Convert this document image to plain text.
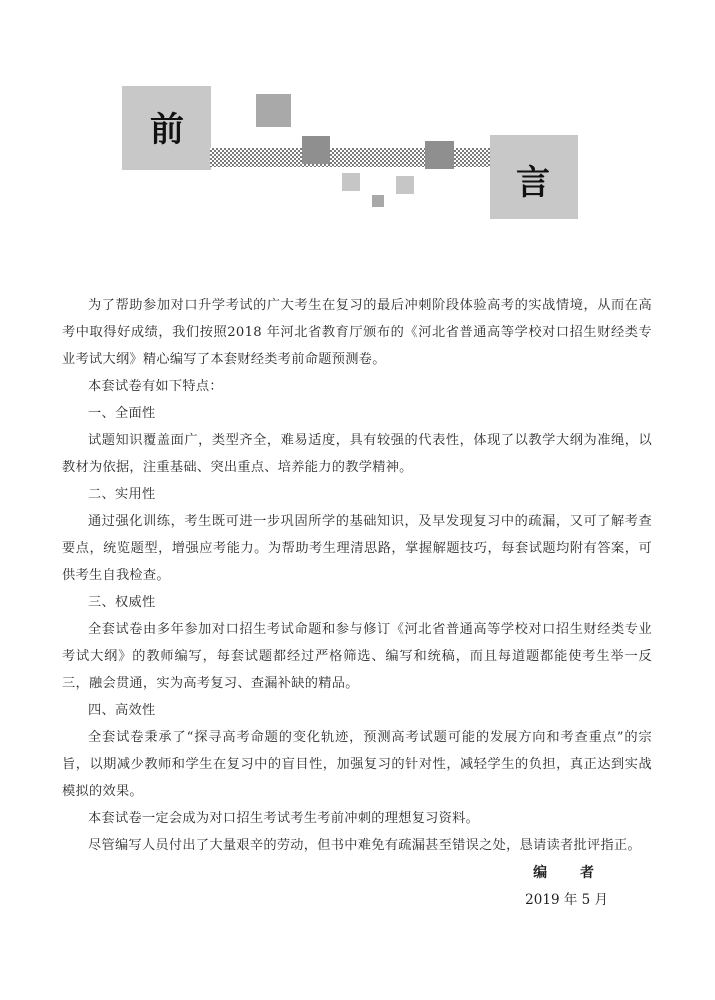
前
言

为了帮助参加对口升学考试的广大考生在复习的最后冲刺阶段体验高考的实战情境，从而在高考中取得好成绩，我们按照2018 年河北省教育厅颁布的《河北省普通高等学校对口招生财经类专业考试大纲》精心编写了本套财经类考前命题预测卷。

本套试卷有如下特点：

一、全面性

试题知识覆盖面广，类型齐全，难易适度，具有较强的代表性，体现了以教学大纲为准绳，以教材为依据，注重基础、突出重点、培养能力的教学精神。

二、实用性

通过强化训练，考生既可进一步巩固所学的基础知识，及早发现复习中的疏漏，又可了解考查要点，统览题型，增强应考能力。为帮助考生理清思路，掌握解题技巧，每套试题均附有答案，可供考生自我检查。

三、权威性

全套试卷由多年参加对口招生考试命题和参与修订《河北省普通高等学校对口招生财经类专业考试大纲》的教师编写，每套试题都经过严格筛选、编写和统稿，而且每道题都能使考生举一反三，融会贯通，实为高考复习、查漏补缺的精品。

四、高效性

全套试卷秉承了“探寻高考命题的变化轨迹，预测高考试题可能的发展方向和考查重点”的宗旨，以期减少教师和学生在复习中的盲目性，加强复习的针对性，减轻学生的负担，真正达到实战模拟的效果。

本套试卷一定会成为对口招生考试考生考前冲刺的理想复习资料。

尽管编写人员付出了大量艰辛的劳动，但书中难免有疏漏甚至错误之处，恳请读者批评指正。

编 者
2019 年 5 月
